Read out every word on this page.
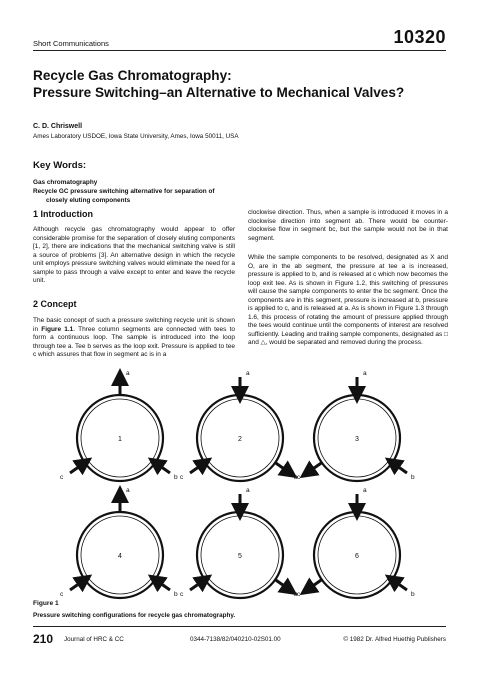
Short Communications	10320
Recycle Gas Chromatography:
Pressure Switching–an Alternative to Mechanical Valves?
C. D. Chriswell
Ames Laboratory USDOE, Iowa State University, Ames, Iowa 50011, USA
Key Words:
Gas chromatography
Recycle GC pressure switching alternative for separation of
closely eluting components
1 Introduction
Although recycle gas chromatography would appear to offer considerable promise for the separation of closely eluting components [1, 2], there are indications that the mechanical switching valve is still a source of problems [3]. An alternative design in which the recycle unit employs pressure switching valves would eliminate the need for a sample to pass through a valve except to enter and leave the recycle unit.
2 Concept
The basic concept of such a pressure switching recycle unit is shown in Figure 1.1. Three column segments are connected with tees to form a continuous loop. The sample is introduced into the loop through tee a. Tee b serves as the loop exit. Pressure is applied to tee c which assures that flow in segment ac is in a
clockwise direction. Thus, when a sample is introduced it moves in a clockwise direction into segment ab. There would be counter-clockwise flow in segment bc, but the sample would not be in that segment.
While the sample components to be resolved, designated as X and O, are in the ab segment, the pressure at tee a is increased, pressure is applied to b, and is released at c which now becomes the loop exit tee. As is shown in Figure 1.2, this switching of pressures will cause the sample components to enter the bc segment. Once the components are in this segment, pressure is increased at b, pressure is applied to c, and is released at a. As is shown in Figure 1.3 through 1.6, this process of rotating the amount of pressure applied through the tees would continue until the components of interest are resolved sufficiently. Leading and trailing sample components, designated as □ and △, would be separated and removed during the process.
a
b
c
1
a
b
c
2
a
b
c
3
a
b
c
4
a
b
c
5
a
b
c
6
Figure 1
Pressure switching configurations for recycle gas chromatography.
210 Journal of HRC & CC	0344-7138/82/040210-02S01.00	© 1982 Dr. Alfred Huethig Publishers
